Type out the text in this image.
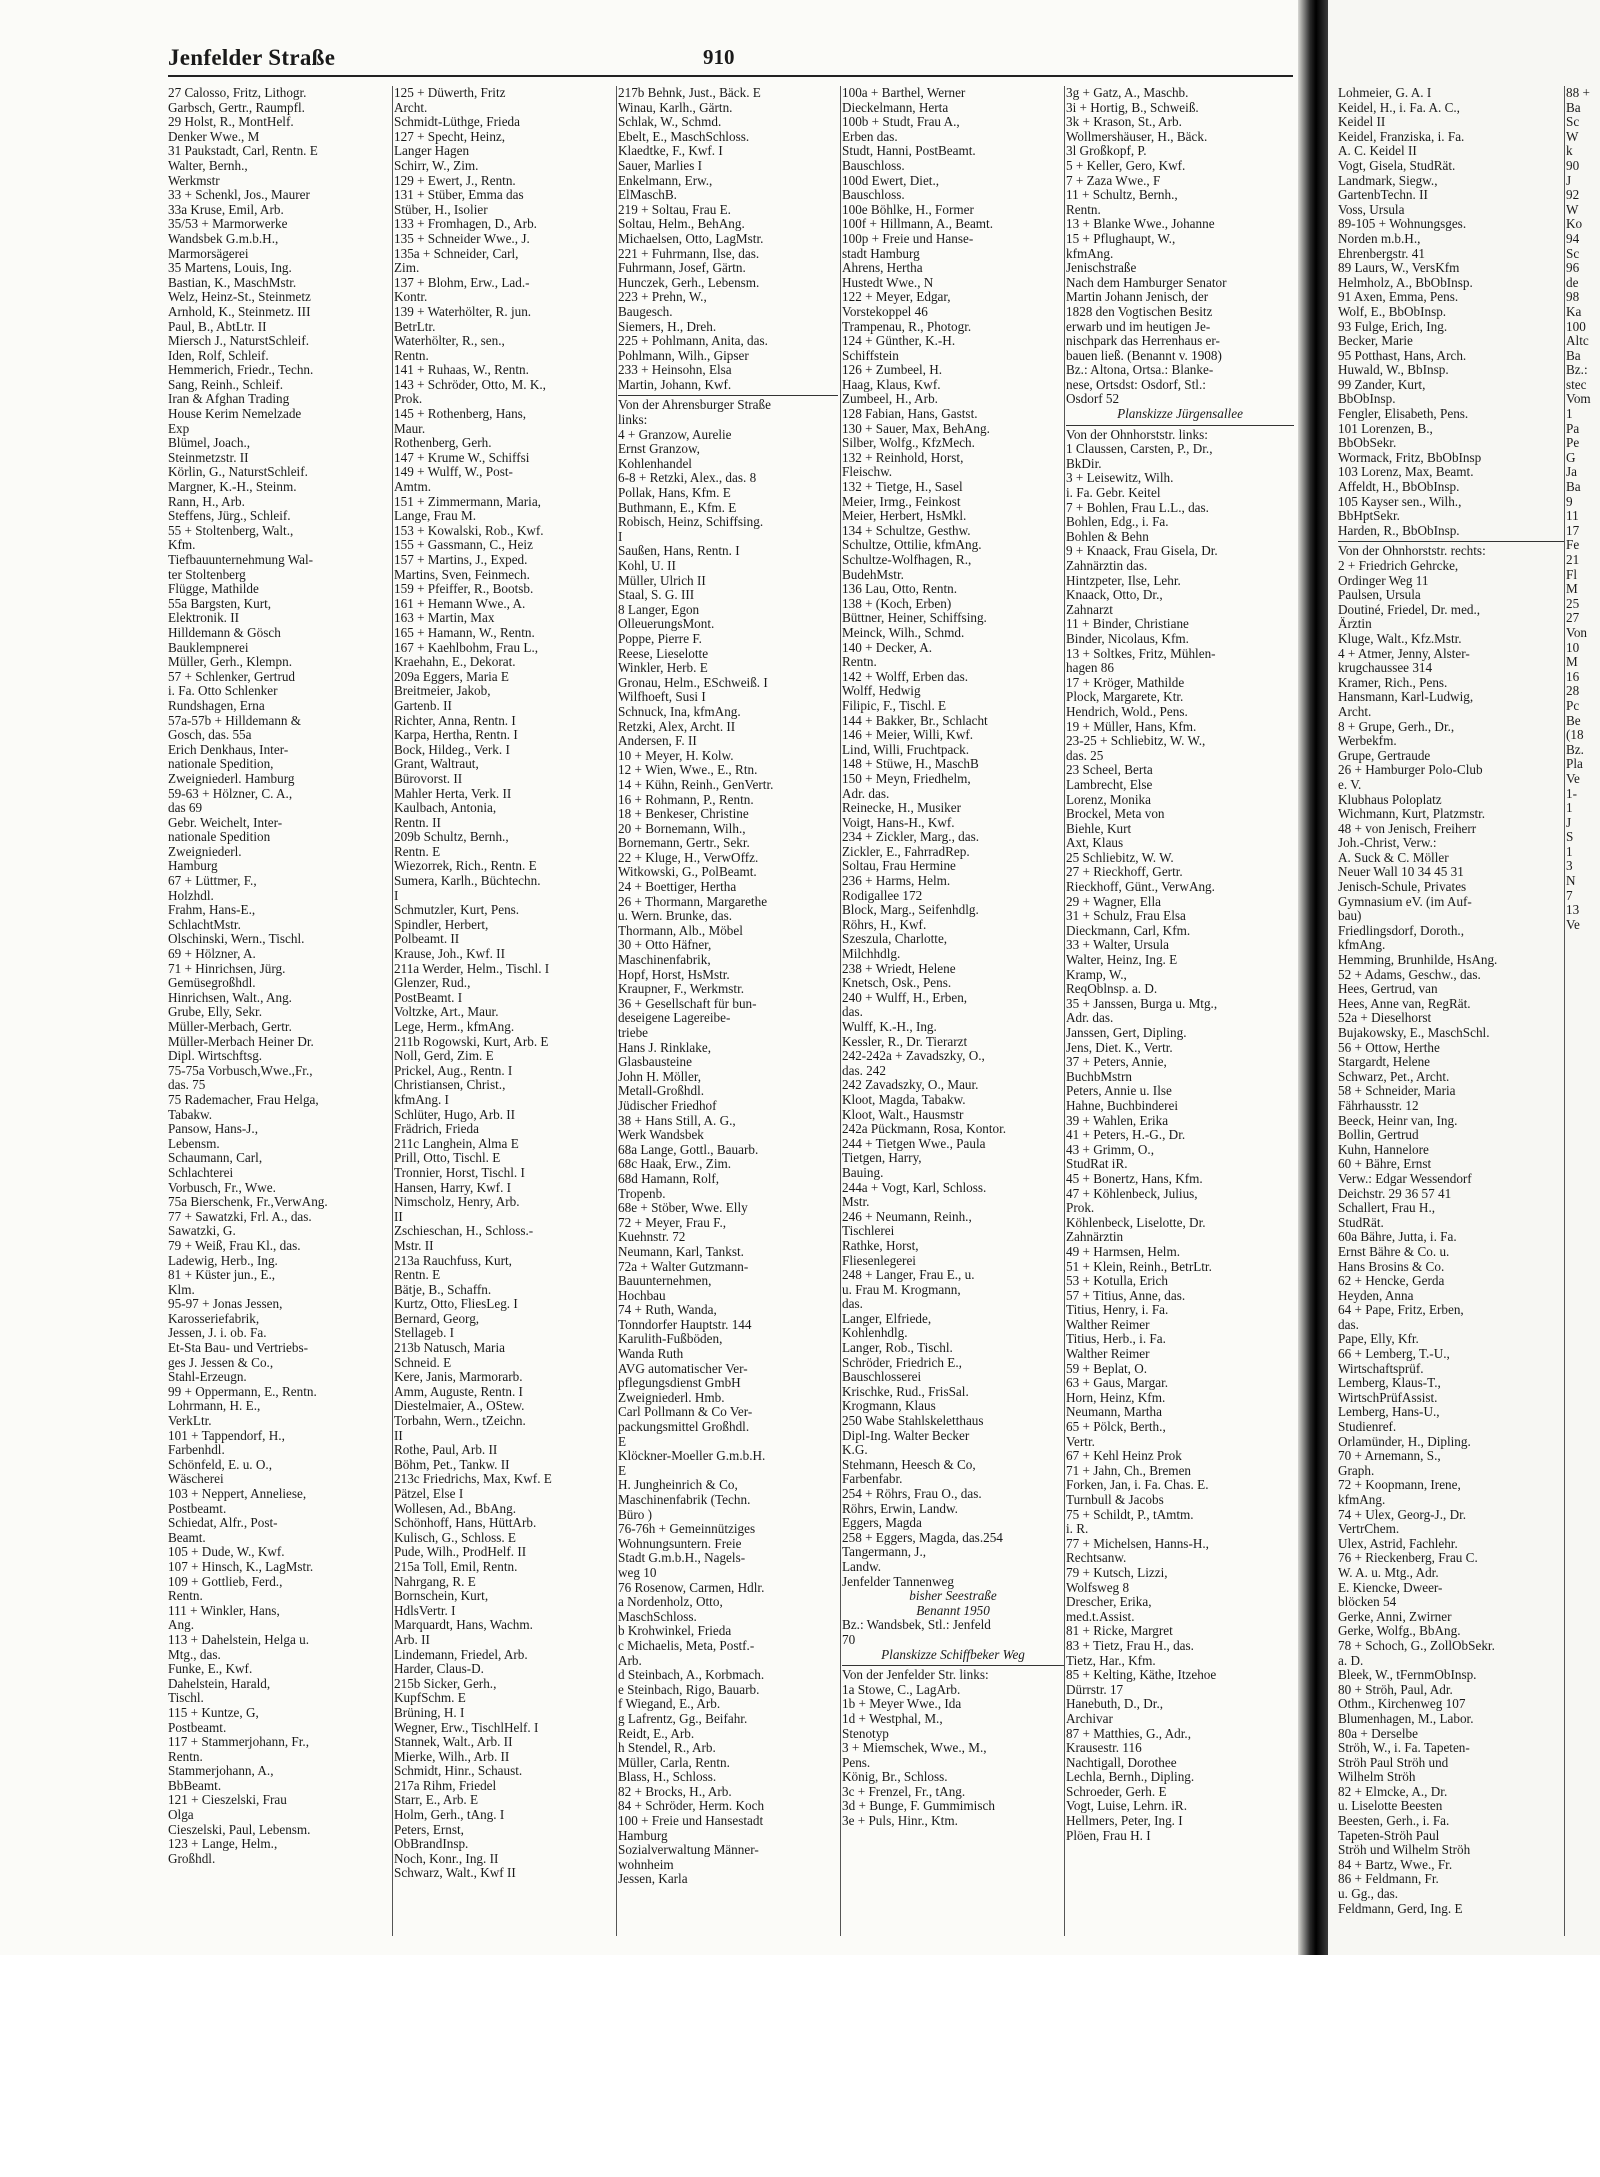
Jenfelder Straße	910
27 Calosso, Fritz, Lithogr.
Garbsch, Gertr., Raumpfl.
29 Holst, R., MontHelf.
Denker Wwe., M
31 Paukstadt, Carl, Rentn. E
Walter, Bernh.,
Werkmstr
33 + Schenkl, Jos., Maurer
33a Kruse, Emil, Arb.
35/53 + Marmorwerke
Wandsbek G.m.b.H.,
Marmorsägerei
35 Martens, Louis, Ing.
Bastian, K., MaschMstr.
Welz, Heinz-St., Steinmetz
Arnhold, K., Steinmetz. III
Paul, B., AbtLtr. II
Miersch J., NaturstSchleif.
Iden, Rolf, Schleif.
Hemmerich, Friedr., Techn.
Sang, Reinh., Schleif.
Iran & Afghan Trading
House Kerim Nemelzade
Exp
Blümel, Joach.,
Steinmetzstr. II
Körlin, G., NaturstSchleif.
Margner, K.-H., Steinm.
Rann, H., Arb.
Steffens, Jürg., Schleif.
55 + Stoltenberg, Walt.,
Kfm.
Tiefbauunternehmung Wal-
ter Stoltenberg
Flügge, Mathilde
55a Bargsten, Kurt,
Elektronik. II
Hilldemann & Gösch
Bauklempnerei
Müller, Gerh., Klempn.
57 + Schlenker, Gertrud
i. Fa. Otto Schlenker
Rundshagen, Erna
57a-57b + Hilldemann &
Gosch, das. 55a
Erich Denkhaus, Inter-
nationale Spedition,
Zweigniederl. Hamburg
59-63 + Hölzner, C. A.,
das 69
Gebr. Weichelt, Inter-
nationale Spedition
Zweigniederl.
Hamburg
67 + Lüttmer, F.,
Holzhdl.
Frahm, Hans-E.,
SchlachtMstr.
Olschinski, Wern., Tischl.
69 + Hölzner, A.
71 + Hinrichsen, Jürg.
Gemüsegroßhdl.
Hinrichsen, Walt., Ang.
Grube, Elly, Sekr.
Müller-Merbach, Gertr.
Müller-Merbach Heiner Dr.
Dipl. Wirtschftsg.
75-75a Vorbusch,Wwe.,Fr.,
das. 75
75 Rademacher, Frau Helga,
Tabakw.
Pansow, Hans-J.,
Lebensm.
Schaumann, Carl,
Schlachterei
Vorbusch, Fr., Wwe.
75a Bierschenk, Fr.,VerwAng.
77 + Sawatzki, Frl. A., das.
Sawatzki, G.
79 + Weiß, Frau Kl., das.
Ladewig, Herb., Ing.
81 + Küster jun., E.,
Klm.
95-97 + Jonas Jessen,
Karosseriefabrik,
Jessen, J. i. ob. Fa.
Et-Sta Bau- und Vertriebs-
ges J. Jessen & Co.,
Stahl-Erzeugn.
99 + Oppermann, E., Rentn.
Lohrmann, H. E.,
VerkLtr.
101 + Tappendorf, H.,
Farbenhdl.
Schönfeld, E. u. O.,
Wäscherei
103 + Neppert, Anneliese,
Postbeamt.
Schiedat, Alfr., Post-
Beamt.
105 + Dude, W., Kwf.
107 + Hinsch, K., LagMstr.
109 + Gottlieb, Ferd.,
Rentn.
111 + Winkler, Hans,
Ang.
113 + Dahelstein, Helga u.
Mtg., das.
Funke, E., Kwf.
Dahelstein, Harald,
Tischl.
115 + Kuntze, G,
Postbeamt.
117 + Stammerjohann, Fr.,
Rentn.
Stammerjohann, A.,
BbBeamt.
121 + Cieszelski, Frau
Olga
Cieszelski, Paul, Lebensm.
123 + Lange, Helm.,
Großhdl.
125 + Düwerth, Fritz
Archt.
Schmidt-Lüthge, Frieda
127 + Specht, Heinz,
Langer Hagen
Schirr, W., Zim.
129 + Ewert, J., Rentn.
131 + Stüber, Emma das
Stüber, H., Isolier
133 + Fromhagen, D., Arb.
135 + Schneider Wwe., J.
135a + Schneider, Carl,
Zim.
137 + Blohm, Erw., Lad.-
Kontr.
139 + Waterhölter, R. jun.
BetrLtr.
Waterhölter, R., sen.,
Rentn.
141 + Ruhaas, W., Rentn.
143 + Schröder, Otto, M. K.,
Prok.
145 + Rothenberg, Hans,
Maur.
Rothenberg, Gerh.
147 + Krume W., Schiffsi
149 + Wulff, W., Post-
Amtm.
151 + Zimmermann, Maria,
Lange, Frau M.
153 + Kowalski, Rob., Kwf.
155 + Gassmann, C., Heiz
157 + Martins, J., Exped.
Martins, Sven, Feinmech.
159 + Pfeiffer, R., Bootsb.
161 + Hemann Wwe., A.
163 + Martin, Max
165 + Hamann, W., Rentn.
167 + Kaehlbohm, Frau L.,
Kraehahn, E., Dekorat.
209a Eggers, Maria E
Breitmeier, Jakob,
Gartenb. II
Richter, Anna, Rentn. I
Karpa, Hertha, Rentn. I
Bock, Hildeg., Verk. I
Grant, Waltraut,
Bürovorst. II
Mahler Herta, Verk. II
Kaulbach, Antonia,
Rentn. II
209b Schultz, Bernh.,
Rentn. E
Wiezorrek, Rich., Rentn. E
Sumera, Karlh., Büchtechn.
I
Schmutzler, Kurt, Pens.
Spindler, Herbert,
Polbeamt. II
Krause, Joh., Kwf. II
211a Werder, Helm., Tischl. I
Glenzer, Rud.,
PostBeamt. I
Voltzke, Art., Maur.
Lege, Herm., kfmAng.
211b Rogowski, Kurt, Arb. E
Noll, Gerd, Zim. E
Prickel, Aug., Rentn. I
Christiansen, Christ.,
kfmAng. I
Schlüter, Hugo, Arb. II
Frädrich, Frieda
211c Langhein, Alma E
Prill, Otto, Tischl. E
Tronnier, Horst, Tischl. I
Hansen, Harry, Kwf. I
Nimscholz, Henry, Arb.
II
Zschieschan, H., Schloss.-
Mstr. II
213a Rauchfuss, Kurt,
Rentn. E
Bätje, B., Schaffn.
Kurtz, Otto, FliesLeg. I
Bernard, Georg,
Stellageb. I
213b Natusch, Maria
Schneid. E
Kere, Janis, Marmorarb.
Amm, Auguste, Rentn. I
Diestelmaier, A., OStew.
Torbahn, Wern., tZeichn.
II
Rothe, Paul, Arb. II
Böhm, Pet., Tankw. II
213c Friedrichs, Max, Kwf. E
Pätzel, Else I
Wollesen, Ad., BbAng.
Schönhoff, Hans, HüttArb.
Kulisch, G., Schloss. E
Pude, Wilh., ProdHelf. II
215a Toll, Emil, Rentn.
Nahrgang, R. E
Bornschein, Kurt,
HdlsVertr. I
Marquardt, Hans, Wachm.
Arb. II
Lindemann, Friedel, Arb.
Harder, Claus-D.
215b Sicker, Gerh.,
KupfSchm. E
Brüning, H. I
Wegner, Erw., TischlHelf. I
Stannek, Walt., Arb. II
Mierke, Wilh., Arb. II
Schmidt, Hinr., Schaust.
217a Rihm, Friedel
Starr, E., Arb. E
Holm, Gerh., tAng. I
Peters, Ernst,
ObBrandInsp.
Noch, Konr., Ing. II
Schwarz, Walt., Kwf II
217b Behnk, Just., Bäck. E
Winau, Karlh., Gärtn.
Schlak, W., Schmd.
Ebelt, E., MaschSchloss.
Klaedtke, F., Kwf. I
Sauer, Marlies I
Enkelmann, Erw.,
ElMaschB.
219 + Soltau, Frau E.
Soltau, Helm., BehAng.
Michaelsen, Otto, LagMstr.
221 + Fuhrmann, Ilse, das.
Fuhrmann, Josef, Gärtn.
Hunczek, Gerh., Lebensm.
223 + Prehn, W.,
Baugesch.
Siemers, H., Dreh.
225 + Pohlmann, Anita, das.
Pohlmann, Wilh., Gipser
233 + Heinsohn, Elsa
Martin, Johann, Kwf.
Von der Ahrensburger Straße
links:
4 + Granzow, Aurelie
Ernst Granzow,
Kohlenhandel
6-8 + Retzki, Alex., das. 8
Pollak, Hans, Kfm. E
Buthmann, E., Kfm. E
Robisch, Heinz, Schiffsing.
I
Saußen, Hans, Rentn. I
Kohl, U. II
Müller, Ulrich II
Staal, S. G. III
8 Langer, Egon
OlleuerungsMont.
Poppe, Pierre F.
Reese, Lieselotte
Winkler, Herb. E
Gronau, Helm., ESchweiß. I
Wilfhoeft, Susi I
Schnuck, Ina, kfmAng.
Retzki, Alex, Archt. II
Andersen, F. II
10 + Meyer, H. Kolw.
12 + Wien, Wwe., E., Rtn.
14 + Kühn, Reinh., GenVertr.
16 + Rohmann, P., Rentn.
18 + Benkeser, Christine
20 + Bornemann, Wilh.,
Bornemann, Gertr., Sekr.
22 + Kluge, H., VerwOffz.
Witkowski, G., PolBeamt.
24 + Boettiger, Hertha
26 + Thormann, Margarethe
u. Wern. Brunke, das.
Thormann, Alb., Möbel
30 + Otto Häfner,
Maschinenfabrik,
Hopf, Horst, HsMstr.
Kraupner, F., Werkmstr.
36 + Gesellschaft für bun-
deseigene Lagereibe-
triebe
Hans J. Rinklake,
Glasbausteine
John H. Möller,
Metall-Großhdl.
Jüdischer Friedhof
38 + Hans Still, A. G.,
Werk Wandsbek
68a Lange, Gottl., Bauarb.
68c Haak, Erw., Zim.
68d Hamann, Rolf,
Tropenb.
68e + Stöber, Wwe. Elly
72 + Meyer, Frau F.,
Kuehnstr. 72
Neumann, Karl, Tankst.
72a + Walter Gutzmann-
Bauunternehmen,
Hochbau
74 + Ruth, Wanda,
Tonndorfer Hauptstr. 144
Karulith-Fußböden,
Wanda Ruth
AVG automatischer Ver-
pflegungsdienst GmbH
Zweigniederl. Hmb.
Carl Pollmann & Co Ver-
packungsmittel Großhdl.
E
Klöckner-Moeller G.m.b.H.
E
H. Jungheinrich & Co,
Maschinenfabrik (Techn.
Büro )
76-76h + Gemeinnütziges
Wohnungsuntern. Freie
Stadt G.m.b.H., Nagels-
weg 10
76 Rosenow, Carmen, Hdlr.
a Nordenholz, Otto,
MaschSchloss.
b Krohwinkel, Frieda
c Michaelis, Meta, Postf.-
Arb.
d Steinbach, A., Korbmach.
e Steinbach, Rigo, Bauarb.
f Wiegand, E., Arb.
g Lafrentz, Gg., Beifahr.
Reidt, E., Arb.
h Stendel, R., Arb.
Müller, Carla, Rentn.
Blass, H., Schloss.
82 + Brocks, H., Arb.
84 + Schröder, Herm. Koch
100 + Freie und Hansestadt
Hamburg
Sozialverwaltung Männer-
wohnheim
Jessen, Karla
100a + Barthel, Werner
Dieckelmann, Herta
100b + Studt, Frau A.,
Erben das.
Studt, Hanni, PostBeamt.
Bauschloss.
100d Ewert, Diet.,
Bauschloss.
100e Böhlke, H., Former
100f + Hillmann, A., Beamt.
100p + Freie und Hanse-
stadt Hamburg
Ahrens, Hertha
Hustedt Wwe., N
122 + Meyer, Edgar,
Vorstekoppel 46
Trampenau, R., Photogr.
124 + Günther, K.-H.
Schiffstein
126 + Zumbeel, H.
Haag, Klaus, Kwf.
Zumbeel, H., Arb.
128 Fabian, Hans, Gastst.
130 + Sauer, Max, BehAng.
Silber, Wolfg., KfzMech.
132 + Reinhold, Horst,
Fleischw.
132 + Tietge, H., Sasel
Meier, Irmg., Feinkost
Meier, Herbert, HsMkl.
134 + Schultze, Gesthw.
Schultze, Ottilie, kfmAng.
Schultze-Wolfhagen, R.,
BudehMstr.
136 Lau, Otto, Rentn.
138 + (Koch, Erben)
Büttner, Heiner, Schiffsing.
Meinck, Wilh., Schmd.
140 + Decker, A.
Rentn.
142 + Wolff, Erben das.
Wolff, Hedwig
Filipic, F., Tischl. E
144 + Bakker, Br., Schlacht
146 + Meier, Willi, Kwf.
Lind, Willi, Fruchtpack.
148 + Stüwe, H., MaschB
150 + Meyn, Friedhelm,
Adr. das.
Reinecke, H., Musiker
Voigt, Hans-H., Kwf.
234 + Zickler, Marg., das.
Zickler, E., FahrradRep.
Soltau, Frau Hermine
236 + Harms, Helm.
Rodigallee 172
Block, Marg., Seifenhdlg.
Röhrs, H., Kwf.
Szeszula, Charlotte,
Milchhdlg.
238 + Wriedt, Helene
Knetsch, Osk., Pens.
240 + Wulff, H., Erben,
das.
Wulff, K.-H., Ing.
Kessler, R., Dr. Tierarzt
242-242a + Zavadszky, O.,
das. 242
242 Zavadszky, O., Maur.
Kloot, Magda, Tabakw.
Kloot, Walt., Hausmstr
242a Pückmann, Rosa, Kontor.
244 + Tietgen Wwe., Paula
Tietgen, Harry,
Bauing.
244a + Vogt, Karl, Schloss.
Mstr.
246 + Neumann, Reinh.,
Tischlerei
Rathke, Horst,
Fliesenlegerei
248 + Langer, Frau E., u.
u. Frau M. Krogmann,
das.
Langer, Elfriede,
Kohlenhdlg.
Langer, Rob., Tischl.
Schröder, Friedrich E.,
Bauschlosserei
Krischke, Rud., FrisSal.
Krogmann, Klaus
250 Wabe Stahlskeletthaus
Dipl-Ing. Walter Becker
K.G.
Stehmann, Heesch & Co,
Farbenfabr.
254 + Röhrs, Frau O., das.
Röhrs, Erwin, Landw.
Eggers, Magda
258 + Eggers, Magda, das.254
Tangermann, J.,
Landw.
Jenfelder Tannenweg
bisher Seestraße
Benannt 1950
Bz.: Wandsbek, Stl.: Jenfeld
70
Planskizze Schiffbeker Weg
Von der Jenfelder Str. links:
1a Stowe, C., LagArb.
1b + Meyer Wwe., Ida
1d + Westphal, M.,
Stenotyp
3 + Miemschek, Wwe., M.,
Pens.
König, Br., Schloss.
3c + Frenzel, Fr., tAng.
3d + Bunge, F. Gummimisch
3e + Puls, Hinr., Ktm.
3g + Gatz, A., Maschb.
3i + Hortig, B., Schweiß.
3k + Krason, St., Arb.
Wollmershäuser, H., Bäck.
3l Großkopf, P.
5 + Keller, Gero, Kwf.
7 + Zaza Wwe., F
11 + Schultz, Bernh.,
Rentn.
13 + Blanke Wwe., Johanne
15 + Pflughaupt, W.,
kfmAng.
Jenischstraße
Nach dem Hamburger Senator
Martin Johann Jenisch, der
1828 den Vogtischen Besitz
erwarb und im heutigen Je-
nischpark das Herrenhaus er-
bauen ließ. (Benannt v. 1908)
Bz.: Altona, Ortsa.: Blanke-
nese, Ortsdst: Osdorf, Stl.:
Osdorf 52
Planskizze Jürgensallee
Von der Ohnhorststr. links:
1 Claussen, Carsten, P., Dr.,
BkDir.
3 + Leisewitz, Wilh.
i. Fa. Gebr. Keitel
7 + Bohlen, Frau L.L., das.
Bohlen, Edg., i. Fa.
Bohlen & Behn
9 + Knaack, Frau Gisela, Dr.
Zahnärztin das.
Hintzpeter, Ilse, Lehr.
Knaack, Otto, Dr.,
Zahnarzt
11 + Binder, Christiane
Binder, Nicolaus, Kfm.
13 + Soltkes, Fritz, Mühlen-
hagen 86
17 + Kröger, Mathilde
Plock, Margarete, Ktr.
Hendrich, Wold., Pens.
19 + Müller, Hans, Kfm.
23-25 + Schliebitz, W. W.,
das. 25
23 Scheel, Berta
Lambrecht, Else
Lorenz, Monika
Brockel, Meta von
Biehle, Kurt
Axt, Klaus
25 Schliebitz, W. W.
27 + Rieckhoff, Gertr.
Rieckhoff, Günt., VerwAng.
29 + Wagner, Ella
31 + Schulz, Frau Elsa
Dieckmann, Carl, Kfm.
33 + Walter, Ursula
Walter, Heinz, Ing. E
Kramp, W.,
ReqOblnsp. a. D.
35 + Janssen, Burga u. Mtg.,
Adr. das.
Janssen, Gert, Dipling.
Jens, Diet. K., Vertr.
37 + Peters, Annie,
BuchbMstrn
Peters, Annie u. Ilse
Hahne, Buchbinderei
39 + Wahlen, Erika
41 + Peters, H.-G., Dr.
43 + Grimm, O.,
StudRat iR.
45 + Bonertz, Hans, Kfm.
47 + Köhlenbeck, Julius,
Prok.
Köhlenbeck, Liselotte, Dr.
Zahnärztin
49 + Harmsen, Helm.
51 + Klein, Reinh., BetrLtr.
53 + Kotulla, Erich
57 + Titius, Anne, das.
Titius, Henry, i. Fa.
Walther Reimer
Titius, Herb., i. Fa.
Walther Reimer
59 + Beplat, O.
63 + Gaus, Margar.
Horn, Heinz, Kfm.
Neumann, Martha
65 + Pölck, Berth.,
Vertr.
67 + Kehl Heinz Prok
71 + Jahn, Ch., Bremen
Forken, Jan, i. Fa. Chas. E.
Turnbull & Jacobs
75 + Schildt, P., tAmtm.
i. R.
77 + Michelsen, Hanns-H.,
Rechtsanw.
79 + Kutsch, Lizzi,
Wolfsweg 8
Drescher, Erika,
med.t.Assist.
81 + Ricke, Margret
83 + Tietz, Frau H., das.
Tietz, Har., Kfm.
85 + Kelting, Käthe, Itzehoe
Dürrstr. 17
Hanebuth, D., Dr.,
Archivar
87 + Matthies, G., Adr.,
Krausestr. 116
Nachtigall, Dorothee
Lechla, Bernh., Dipling.
Schroeder, Gerh. E
Vogt, Luise, Lehrn. iR.
Hellmers, Peter, Ing. I
Plöen, Frau H. I
Lohmeier, G. A. I
Keidel, H., i. Fa. A. C.,
Keidel II
Keidel, Franziska, i. Fa.
A. C. Keidel II
Vogt, Gisela, StudRät.
Landmark, Siegw.,
GartenbTechn. II
Voss, Ursula
89-105 + Wohnungsges.
Norden m.b.H.,
Ehrenbergstr. 41
89 Laurs, W., VersKfm
Helmholz, A., BbObInsp.
91 Axen, Emma, Pens.
Wolf, E., BbObInsp.
93 Fulge, Erich, Ing.
Becker, Marie
95 Potthast, Hans, Arch.
Huwald, W., BbInsp.
99 Zander, Kurt,
BbObInsp.
Fengler, Elisabeth, Pens.
101 Lorenzen, B.,
BbObSekr.
Wormack, Fritz, BbObInsp
103 Lorenz, Max, Beamt.
Affeldt, H., BbObInsp.
105 Kayser sen., Wilh.,
BbHptSekr.
Harden, R., BbObInsp.
Von der Ohnhorststr. rechts:
2 + Friedrich Gehrcke,
Ordinger Weg 11
Paulsen, Ursula
Doutiné, Friedel, Dr. med.,
Ärztin
Kluge, Walt., Kfz.Mstr.
4 + Atmer, Jenny, Alster-
krugchaussee 314
Kramer, Rich., Pens.
Hansmann, Karl-Ludwig,
Archt.
8 + Grupe, Gerh., Dr.,
Werbekfm.
Grupe, Gertraude
26 + Hamburger Polo-Club
e. V.
Klubhaus Poloplatz
Wichmann, Kurt, Platzmstr.
48 + von Jenisch, Freiherr
Joh.-Christ, Verw.:
A. Suck & C. Möller
Neuer Wall 10 34 45 31
Jenisch-Schule, Privates
Gymnasium eV. (im Auf-
bau)
Friedlingsdorf, Doroth.,
kfmAng.
Hemming, Brunhilde, HsAng.
52 + Adams, Geschw., das.
Hees, Gertrud, van
Hees, Anne van, RegRät.
52a + Dieselhorst
Bujakowsky, E., MaschSchl.
56 + Ottow, Herthe
Stargardt, Helene
Schwarz, Pet., Archt.
58 + Schneider, Maria
Fährhausstr. 12
Beeck, Heinr van, Ing.
Bollin, Gertrud
Kuhn, Hannelore
60 + Bähre, Ernst
Verw.: Edgar Wessendorf
Deichstr. 29 36 57 41
Schallert, Frau H.,
StudRät.
60a Bähre, Jutta, i. Fa.
Ernst Bähre & Co. u.
Hans Brosins & Co.
62 + Hencke, Gerda
Heyden, Anna
64 + Pape, Fritz, Erben,
das.
Pape, Elly, Kfr.
66 + Lemberg, T.-U.,
Wirtschaftsprüf.
Lemberg, Klaus-T.,
WirtschPrüfAssist.
Lemberg, Hans-U.,
Studienref.
Orlamünder, H., Dipling.
70 + Arnemann, S.,
Graph.
72 + Koopmann, Irene,
kfmAng.
74 + Ulex, Georg-J., Dr.
VertrChem.
Ulex, Astrid, Fachlehr.
76 + Rieckenberg, Frau C.
W. A. u. Mtg., Adr.
E. Kiencke, Dweer-
blöcken 54
Gerke, Anni, Zwirner
Gerke, Wolfg., BbAng.
78 + Schoch, G., ZollObSekr.
a. D.
Bleek, W., tFernmObInsp.
80 + Ströh, Paul, Adr.
Othm., Kirchenweg 107
Blumenhagen, M., Labor.
80a + Derselbe
Ströh, W., i. Fa. Tapeten-
Ströh Paul Ströh und
Wilhelm Ströh
82 + Elmcke, A., Dr.
u. Liselotte Beesten
Beesten, Gerh., i. Fa.
Tapeten-Ströh Paul
Ströh und Wilhelm Ströh
84 + Bartz, Wwe., Fr.
86 + Feldmann, Fr.
u. Gg., das.
Feldmann, Gerd, Ing. E
88 +
Ba
Sc
W
k
90
J
92
W
Ko
94
Sc
96
de
98
Ka
100
Altc
Ba
Bz.:
stec
Vom
1
Pa
Pe
G
Ja
Ba
9
11
17
Fe
21
Fl
M
25
27
Von
10
M
16
28
Pc
Be
(18
Bz.
Pla
Ve
1-
1
J
S
1
3
N
7
13
Ve
